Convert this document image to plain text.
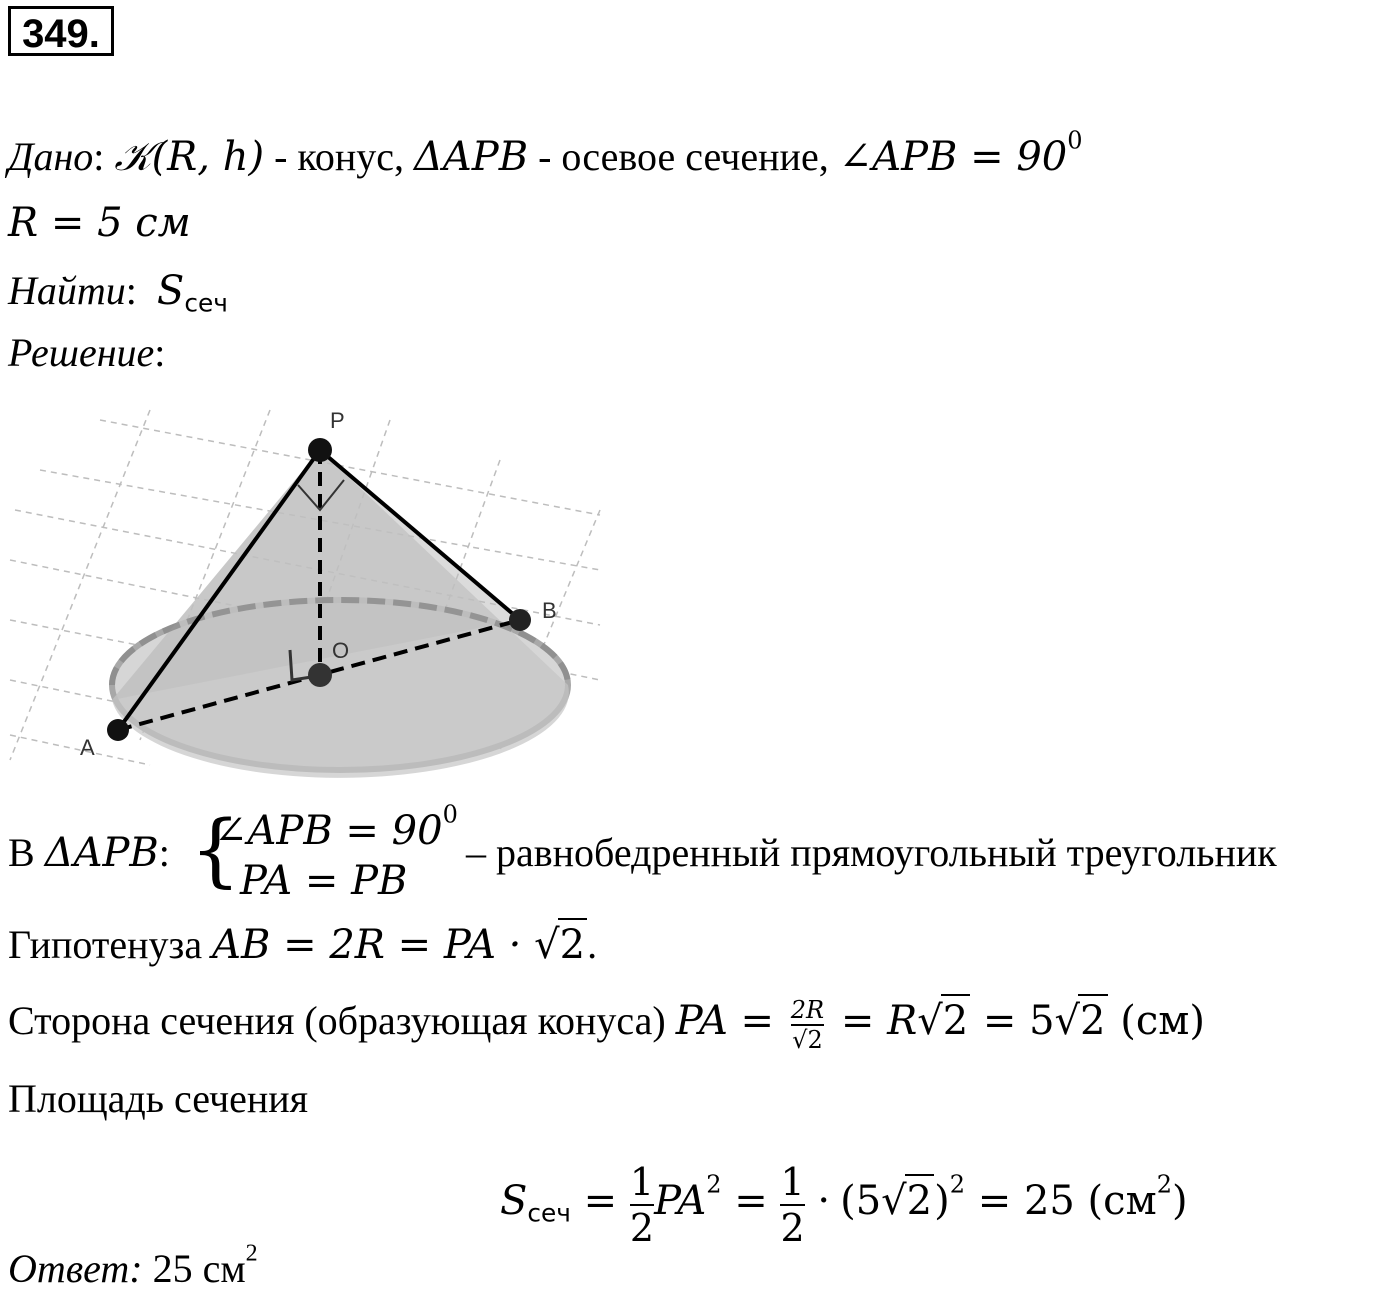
349.
Дано: 𝒦(R, h) - конус, ΔAPB - осевое сечение, ∠APB = $90^0$
R = 5 см
Найти:  $S_{сеч}$
Решение:
P
B
O
A
В ΔAPB: {
∠APB = $90^0$
PA = PB
– равнобедренный прямоугольный треугольник
Гипотенуза AB = 2R = PA · √2.
Сторона сечения (образующая конуса) PA = $\frac{2R}{√2} = R√2 = 5√2$ (см)
Площадь сечения
$S_{сеч} = \frac{1}{2} PA^2 = \frac{1}{2} \cdot (5√2)^2 = 25$ $(см^2)$
Ответ: 25 $см^2$
